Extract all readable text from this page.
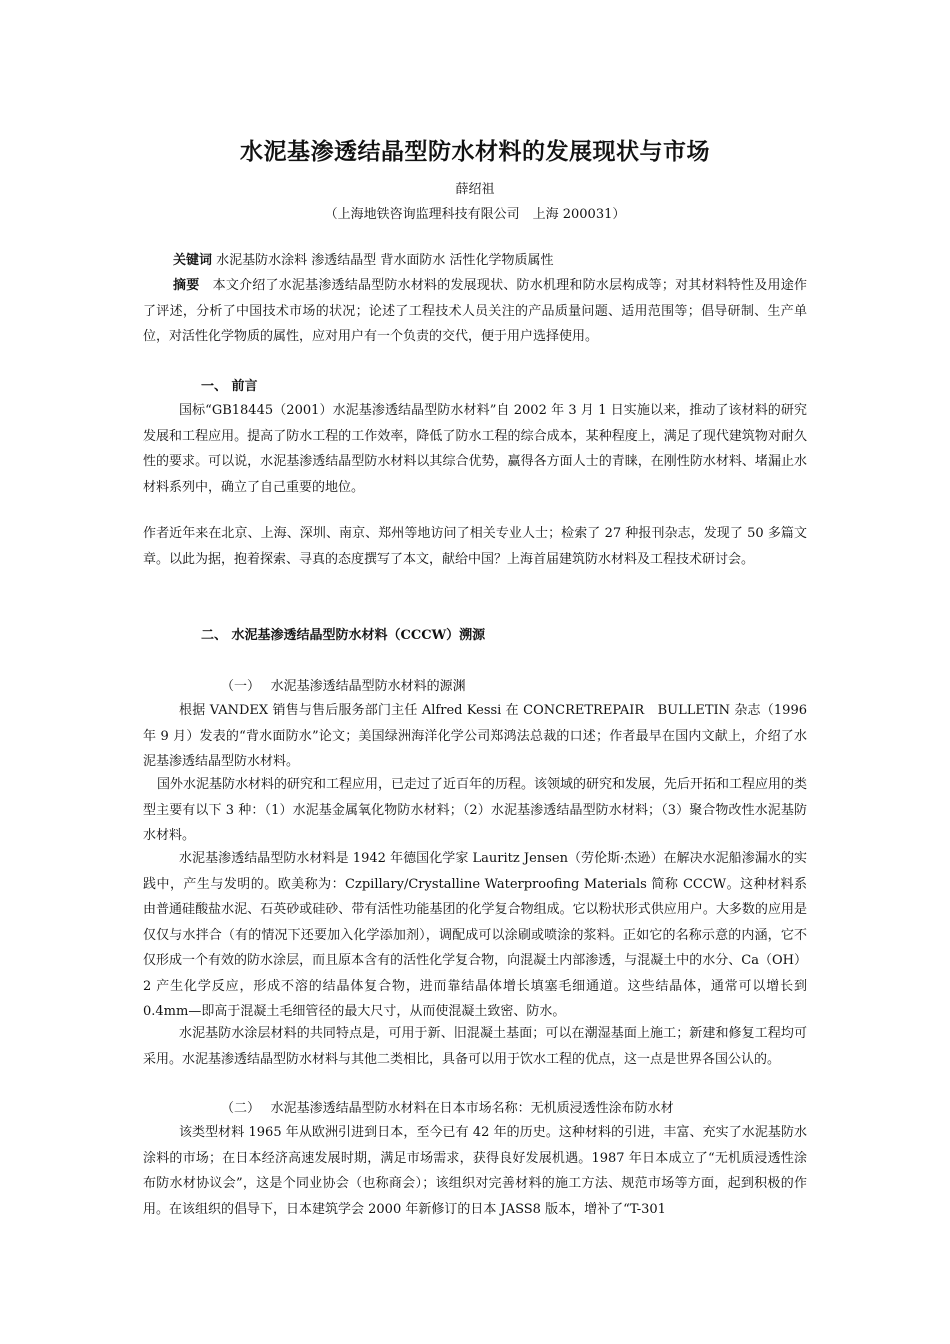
水泥基渗透结晶型防水材料的发展现状与市场
薛绍祖
（上海地铁咨询监理科技有限公司　上海 200031）
关键词 水泥基防水涂料 渗透结晶型 背水面防水 活性化学物质属性
摘要　本文介绍了水泥基渗透结晶型防水材料的发展现状、防水机理和防水层构成等；对其材料特性及用途作了评述，分析了中国技术市场的状况；论述了工程技术人员关注的产品质量问题、适用范围等；倡导研制、生产单位，对活性化学物质的属性，应对用户有一个负责的交代，便于用户选择使用。
一、 前言
国标“GB18445（2001）水泥基渗透结晶型防水材料”自 2002 年 3 月 1 日实施以来，推动了该材料的研究发展和工程应用。提高了防水工程的工作效率，降低了防水工程的综合成本，某种程度上，满足了现代建筑物对耐久性的要求。可以说，水泥基渗透结晶型防水材料以其综合优势，赢得各方面人士的青睐，在刚性防水材料、堵漏止水材料系列中，确立了自己重要的地位。
作者近年来在北京、上海、深圳、南京、郑州等地访问了相关专业人士；检索了 27 种报刊杂志，发现了 50 多篇文章。以此为据，抱着探索、寻真的态度撰写了本文，献给中国？上海首届建筑防水材料及工程技术研讨会。
二、 水泥基渗透结晶型防水材料（CCCW）溯源
（一）　 水泥基渗透结晶型防水材料的源渊
根据 VANDEX 销售与售后服务部门主任 Alfred Kessi 在 CONCRETREPAIR　BULLETIN 杂志（1996 年 9 月）发表的“背水面防水”论文；美国绿洲海洋化学公司郑鸿法总裁的口述；作者最早在国内文献上，介绍了水泥基渗透结晶型防水材料。
国外水泥基防水材料的研究和工程应用，已走过了近百年的历程。该领域的研究和发展，先后开拓和工程应用的类型主要有以下 3 种：（1）水泥基金属氧化物防水材料；（2）水泥基渗透结晶型防水材料；（3）聚合物改性水泥基防水材料。
水泥基渗透结晶型防水材料是 1942 年德国化学家 Lauritz Jensen（劳伦斯·杰逊）在解决水泥船渗漏水的实践中，产生与发明的。欧美称为：Czpillary/Crystalline Waterproofing Materials 简称 CCCW。这种材料系由普通硅酸盐水泥、石英砂或硅砂、带有活性功能基团的化学复合物组成。它以粉状形式供应用户。大多数的应用是仅仅与水拌合（有的情况下还要加入化学添加剂），调配成可以涂刷或喷涂的浆料。正如它的名称示意的内涵，它不仅形成一个有效的防水涂层，而且原本含有的活性化学复合物，向混凝土内部渗透，与混凝土中的水分、Ca（OH）2 产生化学反应，形成不溶的结晶体复合物，进而靠结晶体增长填塞毛细通道。这些结晶体，通常可以增长到 0.4mm—即高于混凝土毛细管径的最大尺寸，从而使混凝土致密、防水。
水泥基防水涂层材料的共同特点是，可用于新、旧混凝土基面；可以在潮湿基面上施工；新建和修复工程均可采用。水泥基渗透结晶型防水材料与其他二类相比，具备可以用于饮水工程的优点，这一点是世界各国公认的。
（二）　 水泥基渗透结晶型防水材料在日本市场名称：无机质浸透性涂布防水材
该类型材料 1965 年从欧洲引进到日本，至今已有 42 年的历史。这种材料的引进，丰富、充实了水泥基防水涂料的市场；在日本经济高速发展时期，满足市场需求，获得良好发展机遇。1987 年日本成立了“无机质浸透性涂布防水材协议会”，这是个同业协会（也称商会）；该组织对完善材料的施工方法、规范市场等方面，起到积极的作用。在该组织的倡导下，日本建筑学会 2000 年新修订的日本 JASS8 版本，增补了“T-301
